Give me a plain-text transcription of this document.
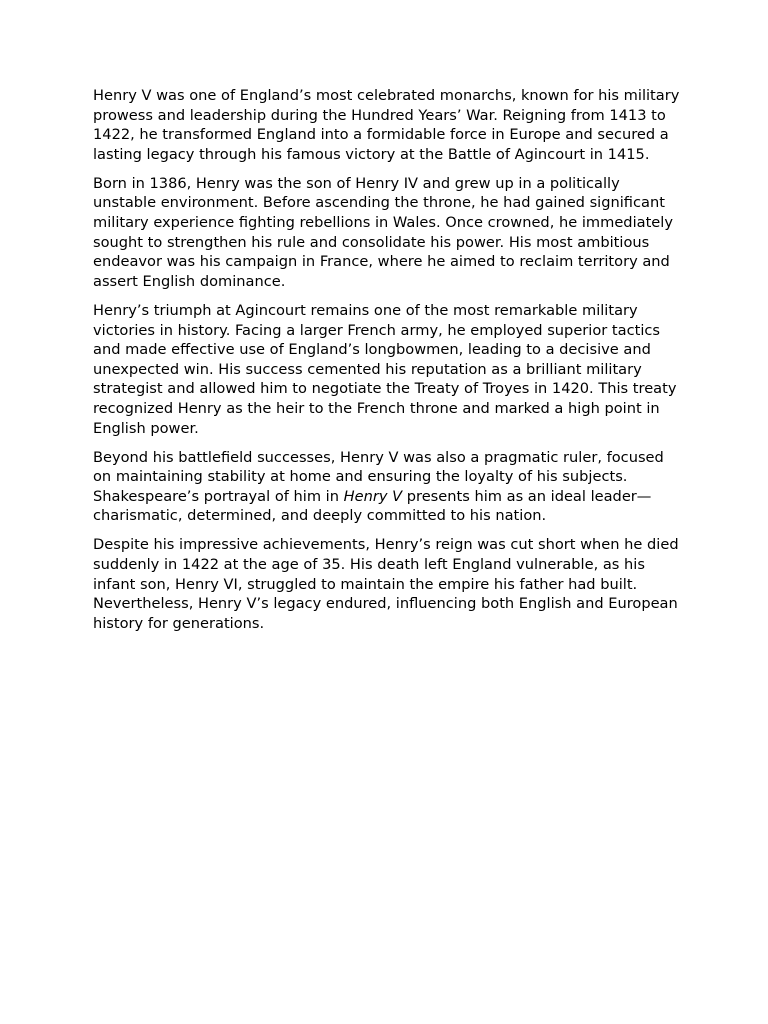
Henry V was one of England’s most celebrated monarchs, known for his military prowess and leadership during the Hundred Years’ War. Reigning from 1413 to 1422, he transformed England into a formidable force in Europe and secured a lasting legacy through his famous victory at the Battle of Agincourt in 1415.

Born in 1386, Henry was the son of Henry IV and grew up in a politically unstable environment. Before ascending the throne, he had gained significant military experience fighting rebellions in Wales. Once crowned, he immediately sought to strengthen his rule and consolidate his power. His most ambitious endeavor was his campaign in France, where he aimed to reclaim territory and assert English dominance.

Henry’s triumph at Agincourt remains one of the most remarkable military victories in history. Facing a larger French army, he employed superior tactics and made effective use of England’s longbowmen, leading to a decisive and unexpected win. His success cemented his reputation as a brilliant military strategist and allowed him to negotiate the Treaty of Troyes in 1420. This treaty recognized Henry as the heir to the French throne and marked a high point in English power.

Beyond his battlefield successes, Henry V was also a pragmatic ruler, focused on maintaining stability at home and ensuring the loyalty of his subjects. Shakespeare’s portrayal of him in Henry V presents him as an ideal leader—charismatic, determined, and deeply committed to his nation.

Despite his impressive achievements, Henry’s reign was cut short when he died suddenly in 1422 at the age of 35. His death left England vulnerable, as his infant son, Henry VI, struggled to maintain the empire his father had built. Nevertheless, Henry V’s legacy endured, influencing both English and European history for generations.
